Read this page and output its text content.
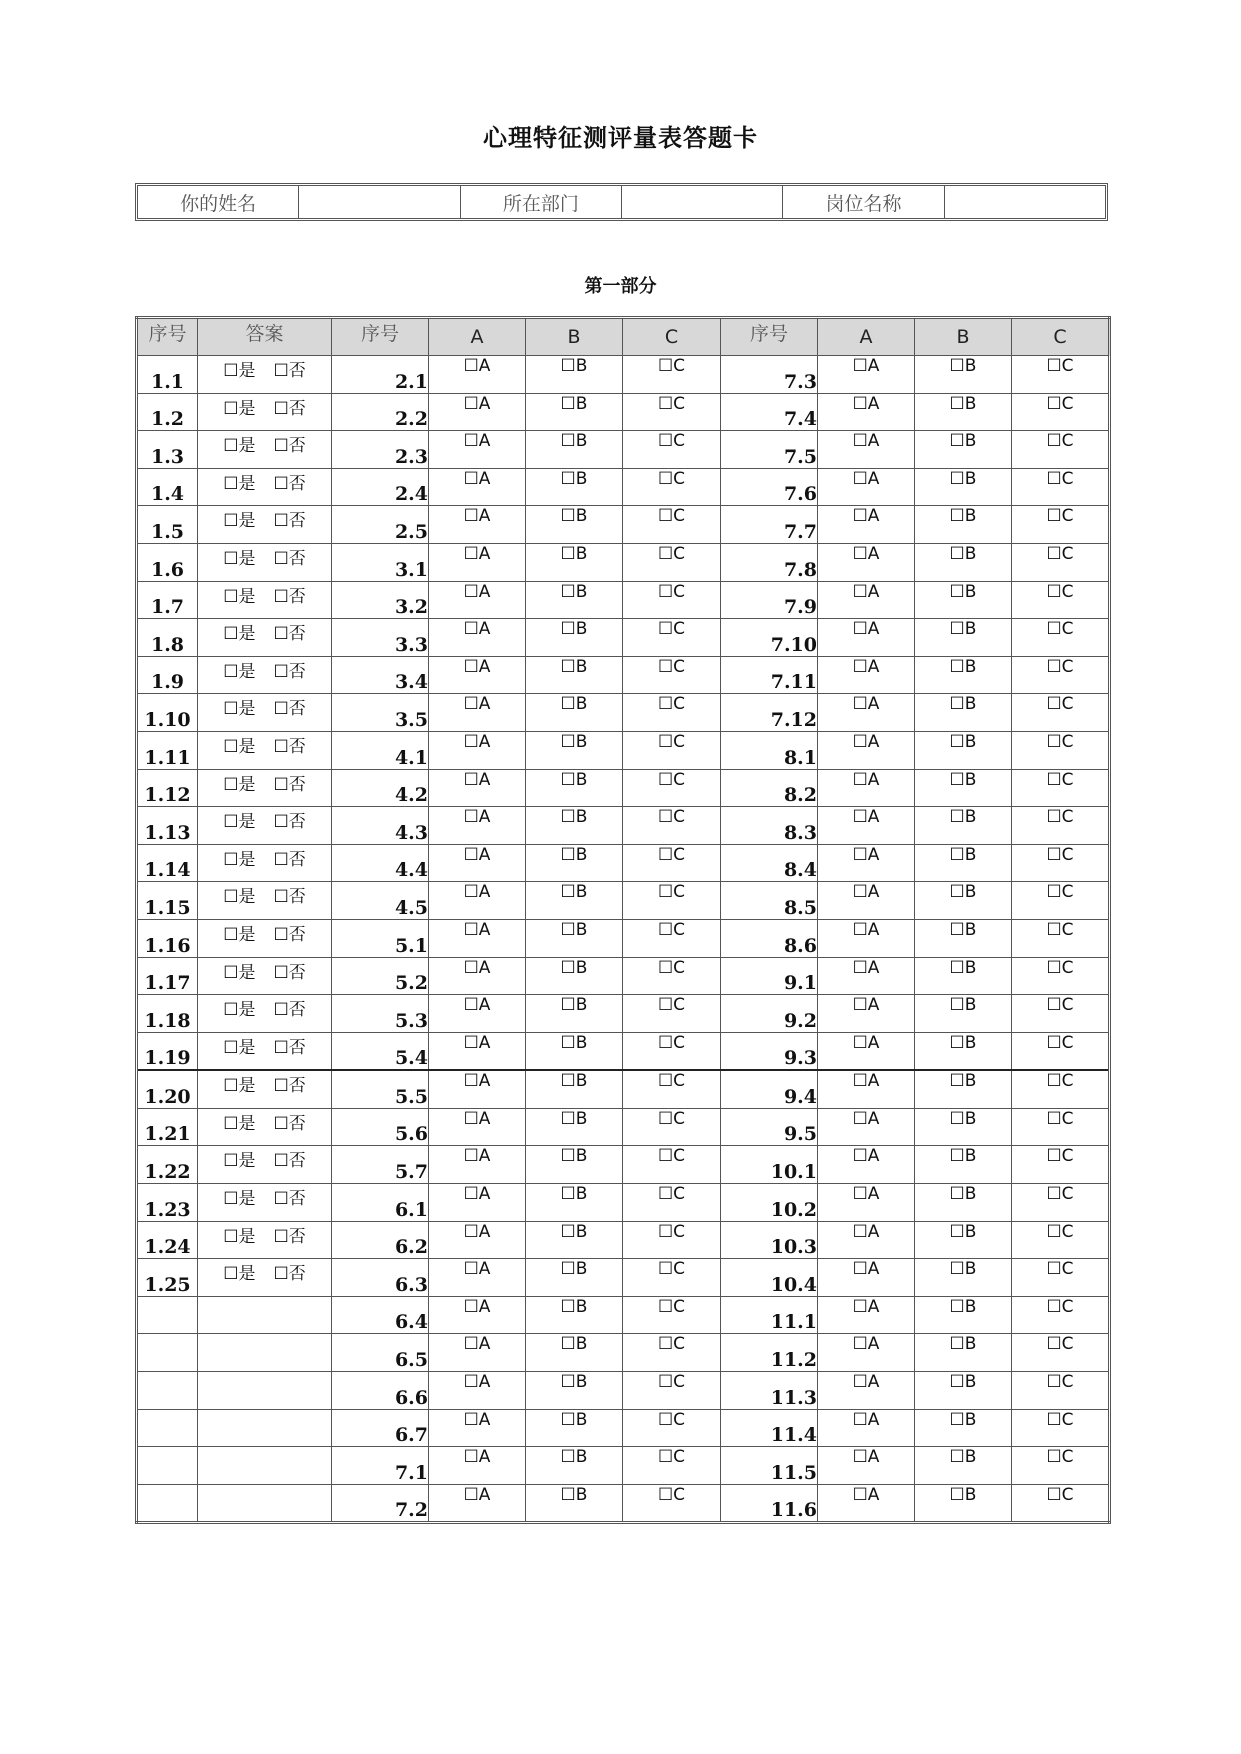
心理特征测评量表答题卡
你的姓名	所在部门	岗位名称
第一部分
序号	答案	序号	A	B	C	序号	A	B	C
1.1	☐是 ☐否	2.1	☐A	☐B	☐C	7.3	☐A	☐B	☐C
1.2	☐是 ☐否	2.2	☐A	☐B	☐C	7.4	☐A	☐B	☐C
1.3	☐是 ☐否	2.3	☐A	☐B	☐C	7.5	☐A	☐B	☐C
1.4	☐是 ☐否	2.4	☐A	☐B	☐C	7.6	☐A	☐B	☐C
1.5	☐是 ☐否	2.5	☐A	☐B	☐C	7.7	☐A	☐B	☐C
1.6	☐是 ☐否	3.1	☐A	☐B	☐C	7.8	☐A	☐B	☐C
1.7	☐是 ☐否	3.2	☐A	☐B	☐C	7.9	☐A	☐B	☐C
1.8	☐是 ☐否	3.3	☐A	☐B	☐C	7.10	☐A	☐B	☐C
1.9	☐是 ☐否	3.4	☐A	☐B	☐C	7.11	☐A	☐B	☐C
1.10	☐是 ☐否	3.5	☐A	☐B	☐C	7.12	☐A	☐B	☐C
1.11	☐是 ☐否	4.1	☐A	☐B	☐C	8.1	☐A	☐B	☐C
1.12	☐是 ☐否	4.2	☐A	☐B	☐C	8.2	☐A	☐B	☐C
1.13	☐是 ☐否	4.3	☐A	☐B	☐C	8.3	☐A	☐B	☐C
1.14	☐是 ☐否	4.4	☐A	☐B	☐C	8.4	☐A	☐B	☐C
1.15	☐是 ☐否	4.5	☐A	☐B	☐C	8.5	☐A	☐B	☐C
1.16	☐是 ☐否	5.1	☐A	☐B	☐C	8.6	☐A	☐B	☐C
1.17	☐是 ☐否	5.2	☐A	☐B	☐C	9.1	☐A	☐B	☐C
1.18	☐是 ☐否	5.3	☐A	☐B	☐C	9.2	☐A	☐B	☐C
1.19	☐是 ☐否	5.4	☐A	☐B	☐C	9.3	☐A	☐B	☐C
1.20	☐是 ☐否	5.5	☐A	☐B	☐C	9.4	☐A	☐B	☐C
1.21	☐是 ☐否	5.6	☐A	☐B	☐C	9.5	☐A	☐B	☐C
1.22	☐是 ☐否	5.7	☐A	☐B	☐C	10.1	☐A	☐B	☐C
1.23	☐是 ☐否	6.1	☐A	☐B	☐C	10.2	☐A	☐B	☐C
1.24	☐是 ☐否	6.2	☐A	☐B	☐C	10.3	☐A	☐B	☐C
1.25	☐是 ☐否	6.3	☐A	☐B	☐C	10.4	☐A	☐B	☐C
		6.4	☐A	☐B	☐C	11.1	☐A	☐B	☐C
		6.5	☐A	☐B	☐C	11.2	☐A	☐B	☐C
		6.6	☐A	☐B	☐C	11.3	☐A	☐B	☐C
		6.7	☐A	☐B	☐C	11.4	☐A	☐B	☐C
		7.1	☐A	☐B	☐C	11.5	☐A	☐B	☐C
		7.2	☐A	☐B	☐C	11.6	☐A	☐B	☐C
